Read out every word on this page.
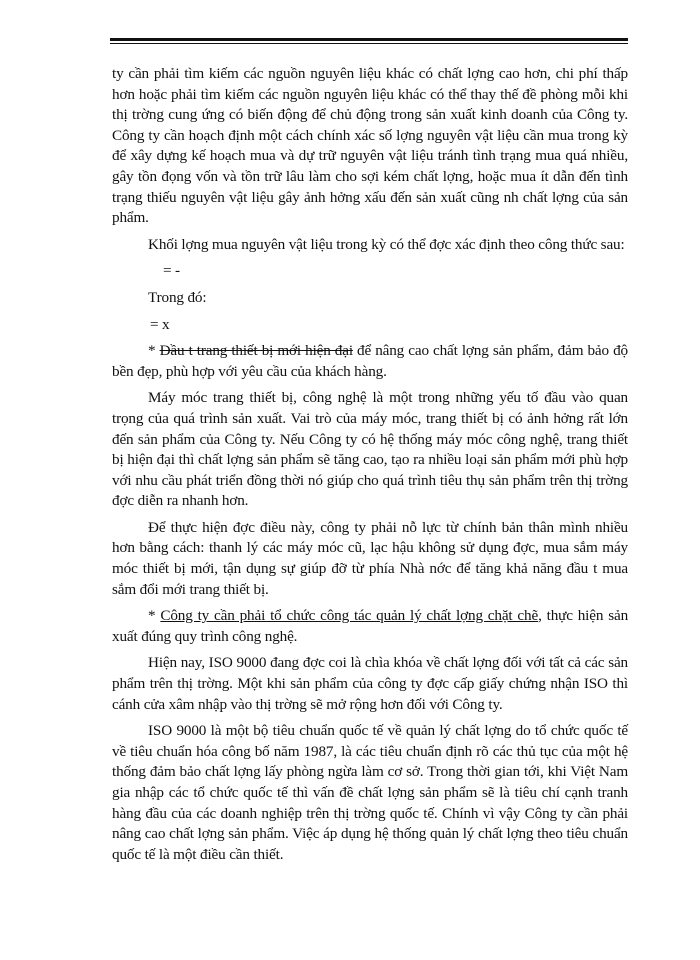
ty cần phải tìm kiếm các nguồn nguyên liệu khác có chất lợng cao hơn, chi phí thấp hơn hoặc phải tìm kiếm các nguồn nguyên liệu khác có thể thay thế đề phòng mỗi khi thị trờng cung ứng có biến động để chủ động trong sản xuất kinh doanh của Công ty. Công ty cần hoạch định một cách chính xác số lợng nguyên vật liệu cần mua trong kỳ để xây dựng kế hoạch mua và dự trữ nguyên vật liệu tránh tình trạng mua quá nhiều, gây tồn đọng vốn và tồn trữ lâu làm cho sợi kém chất lợng, hoặc mua ít dẫn đến tình trạng thiếu nguyên vật liệu gây ảnh hởng xấu đến sản xuất cũng nh chất lợng của sản phẩm.

Khối lợng mua nguyên vật liệu trong kỳ có thể đợc xác định theo công thức sau:

= -

Trong đó:

= x

* Đầu t trang thiết bị mới hiện đại để nâng cao chất lợng sản phẩm, đảm bảo độ bền đẹp, phù hợp với yêu cầu của khách hàng.

Máy móc trang thiết bị, công nghệ là một trong những yếu tố đầu vào quan trọng của quá trình sản xuất. Vai trò của máy móc, trang thiết bị có ảnh hởng rất lớn đến sản phẩm của Công ty. Nếu Công ty có hệ thống máy móc công nghệ, trang thiết bị hiện đại thì chất lợng sản phẩm sẽ tăng cao, tạo ra nhiều loại sản phẩm mới phù hợp với nhu cầu phát triển đồng thời nó giúp cho quá trình tiêu thụ sản phẩm trên thị trờng đợc diễn ra nhanh hơn.

Để thực hiện đợc điều này, công ty phải nỗ lực từ chính bản thân mình nhiều hơn bằng cách: thanh lý các máy móc cũ, lạc hậu không sử dụng đợc, mua sắm máy móc thiết bị mới, tận dụng sự giúp đỡ từ phía Nhà nớc để tăng khả năng đầu t mua sắm đổi mới trang thiết bị.

* Công ty cần phải tổ chức công tác quản lý chất lợng chặt chẽ, thực hiện sản xuất đúng quy trình công nghệ.

Hiện nay, ISO 9000 đang đợc coi là chìa khóa về chất lợng đối với tất cả các sản phẩm trên thị trờng. Một khi sản phẩm của công ty đợc cấp giấy chứng nhận ISO thì cánh cửa xâm nhập vào thị trờng sẽ mở rộng hơn đối với Công ty.

ISO 9000 là một bộ tiêu chuẩn quốc tế về quản lý chất lợng do tổ chức quốc tế về tiêu chuẩn hóa công bố năm 1987, là các tiêu chuẩn định rõ các thủ tục của một hệ thống đảm bảo chất lợng lấy phòng ngừa làm cơ sở. Trong thời gian tới, khi Việt Nam gia nhập các tổ chức quốc tế thì vấn đề chất lợng sản phẩm sẽ là tiêu chí cạnh tranh hàng đầu của các doanh nghiệp trên thị trờng quốc tế. Chính vì vậy Công ty cần phải nâng cao chất lợng sản phẩm. Việc áp dụng hệ thống quản lý chất lợng theo tiêu chuẩn quốc tế là một điều cần thiết.
